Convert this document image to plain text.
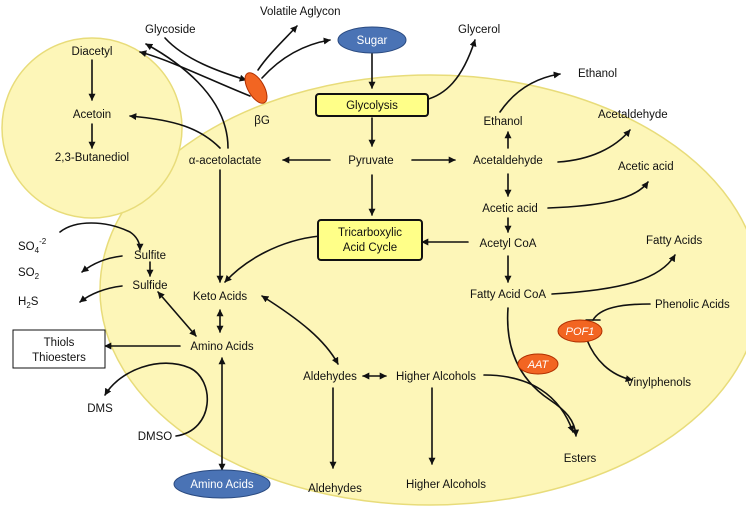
Glycolysis
Tricarboxylic
Acid Cycle
Thiols
Thioesters
Sugar
Amino Acids
βG
POF1
AAT
Volatile Aglycon
Glycoside	Glycerol
Diacetyl
Acetoin
2,3-Butanediol	α-acetolactate	Pyruvate	Acetaldehyde
Ethanol
Ethanol
Acetaldehyde
Acetic acid
Acetic acid
Acetyl CoA	Fatty Acids
Fatty Acid CoA
Phenolic Acids
Vinylphenols
Esters
$SO_4^{-2}$
$SO_2$
$H_2S$
Sulfite
Sulfide
Keto Acids
Amino Acids
Aldehydes	Higher Alcohols
Aldehydes	Higher Alcohols
DMS
DMSO
